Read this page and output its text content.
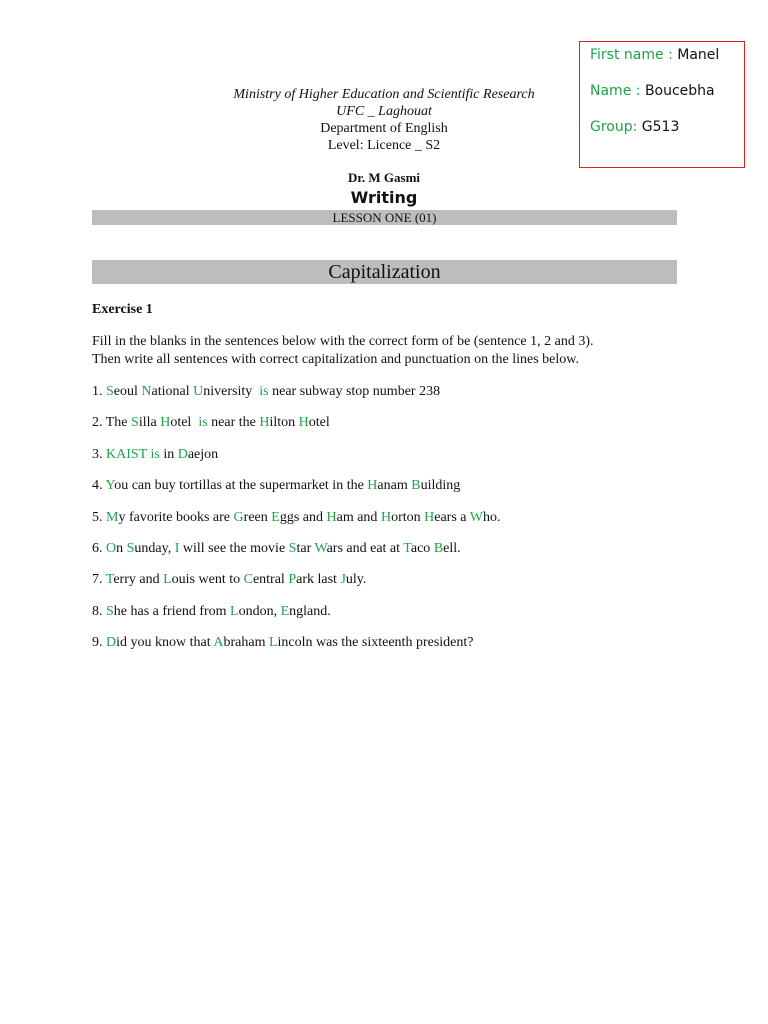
First name : Manel
Name : Boucebha
Group: G513
Ministry of Higher Education and Scientific Research
UFC _ Laghouat
Department of English
Level: Licence _ S2
Dr. M Gasmi
Writing
LESSON ONE (01)
Capitalization
Exercise 1
Fill in the blanks in the sentences below with the correct form of be (sentence 1, 2 and 3).
Then write all sentences with correct capitalization and punctuation on the lines below.
1. Seoul National University  is near subway stop number 238
2. The Silla Hotel  is near the Hilton Hotel
3. KAIST is in Daejon
4. You can buy tortillas at the supermarket in the Hanam Building
5. My favorite books are Green Eggs and Ham and Horton Hears a Who.
6. On Sunday, I will see the movie Star Wars and eat at Taco Bell.
7. Terry and Louis went to Central Park last July.
8. She has a friend from London, England.
9. Did you know that Abraham Lincoln was the sixteenth president?
